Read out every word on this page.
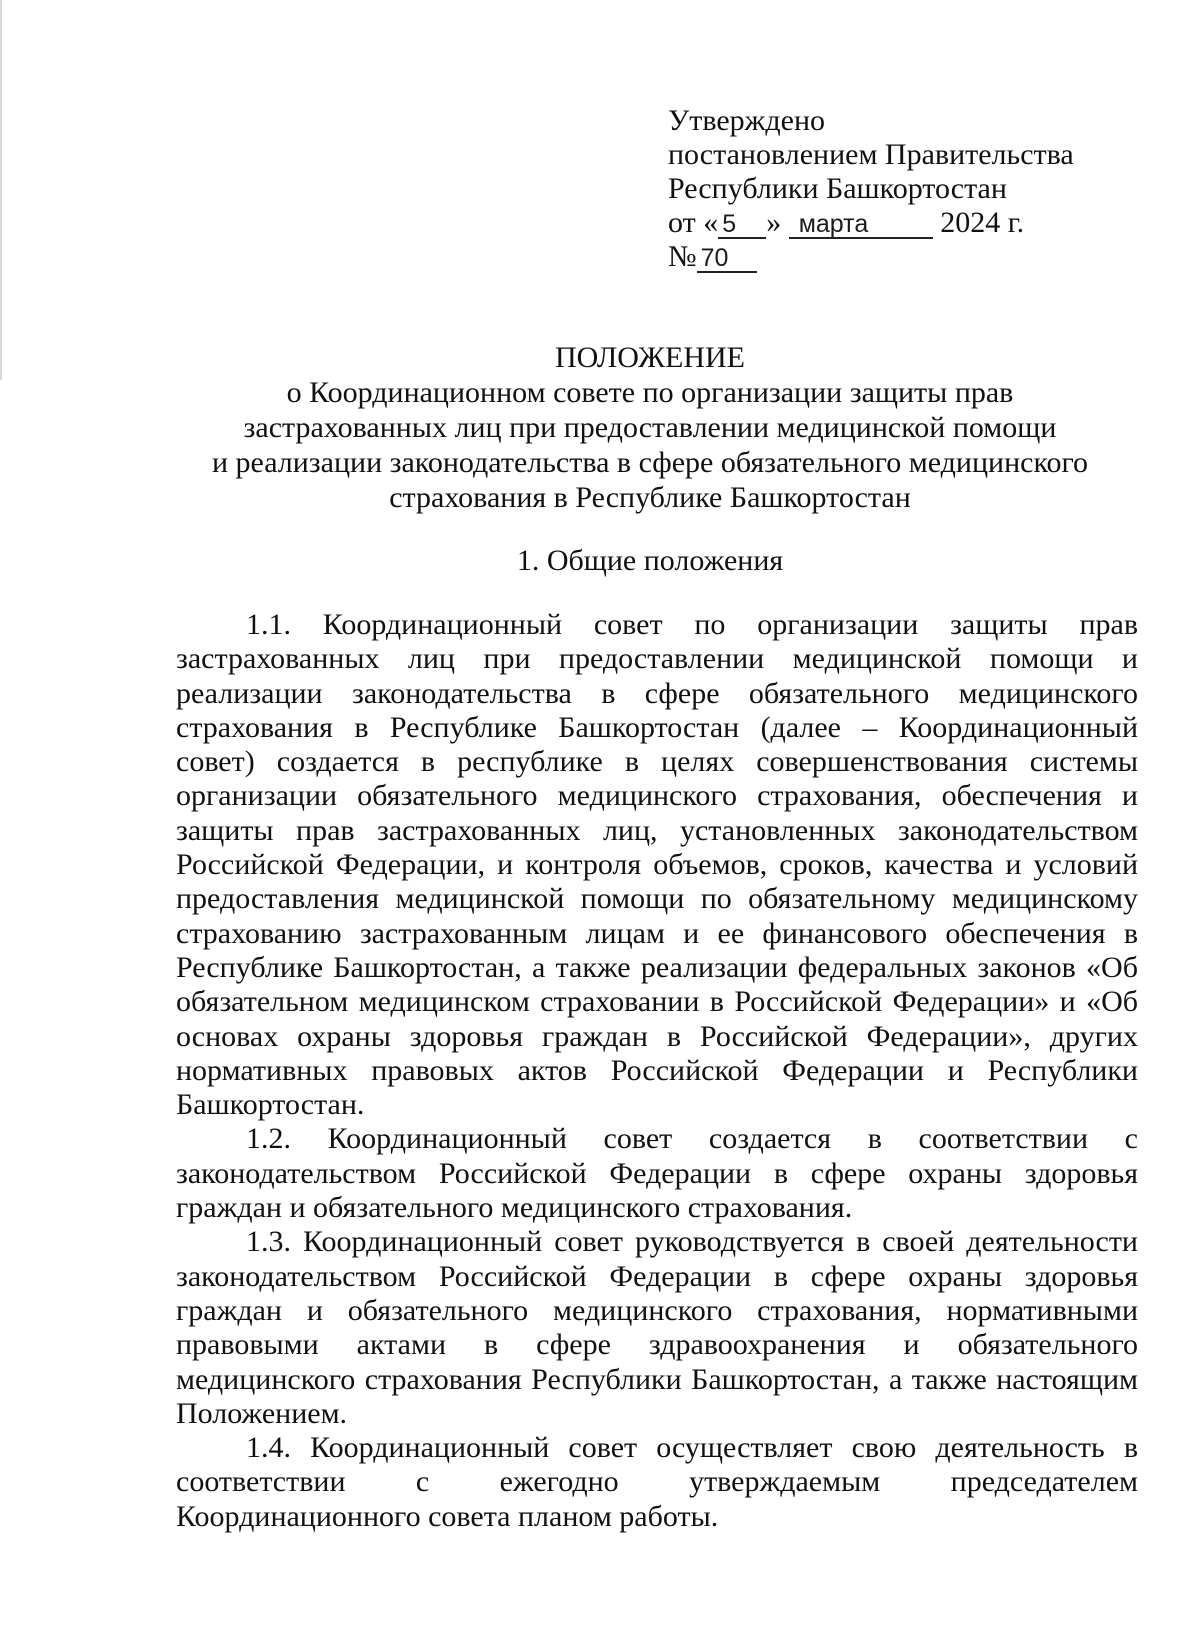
Утверждено
постановлением Правительства
Республики Башкортостан
от « 5 » марта 2024 г.
№ 70
ПОЛОЖЕНИЕ
о Координационном совете по организации защиты прав
застрахованных лиц при предоставлении медицинской помощи
и реализации законодательства в сфере обязательного медицинского
страхования в Республике Башкортостан
1. Общие положения

1.1. Координационный совет по организации защиты прав застрахованных лиц при предоставлении медицинской помощи и реализации законодательства в сфере обязательного медицинского страхования в Республике Башкортостан (далее – Координационный совет) создается в республике в целях совершенствования системы организации обязательного медицинского страхования, обеспечения и защиты прав застрахованных лиц, установленных законодательством Российской Федерации, и контроля объемов, сроков, качества и условий предоставления медицинской помощи по обязательному медицинскому страхованию застрахованным лицам и ее финансового обеспечения в Республике Башкортостан, а также реализации федеральных законов «Об обязательном медицинском страховании в Российской Федерации» и «Об основах охраны здоровья граждан в Российской Федерации», других нормативных правовых актов Российской Федерации и Республики Башкортостан.

1.2. Координационный совет создается в соответствии с законодательством Российской Федерации в сфере охраны здоровья граждан и обязательного медицинского страхования.

1.3. Координационный совет руководствуется в своей деятельности законодательством Российской Федерации в сфере охраны здоровья граждан и обязательного медицинского страхования, нормативными правовыми актами в сфере здравоохранения и обязательного медицинского страхования Республики Башкортостан, а также настоящим Положением.

1.4. Координационный совет осуществляет свою деятельность в соответствии с ежегодно утверждаемым председателем Координационного совета планом работы.
